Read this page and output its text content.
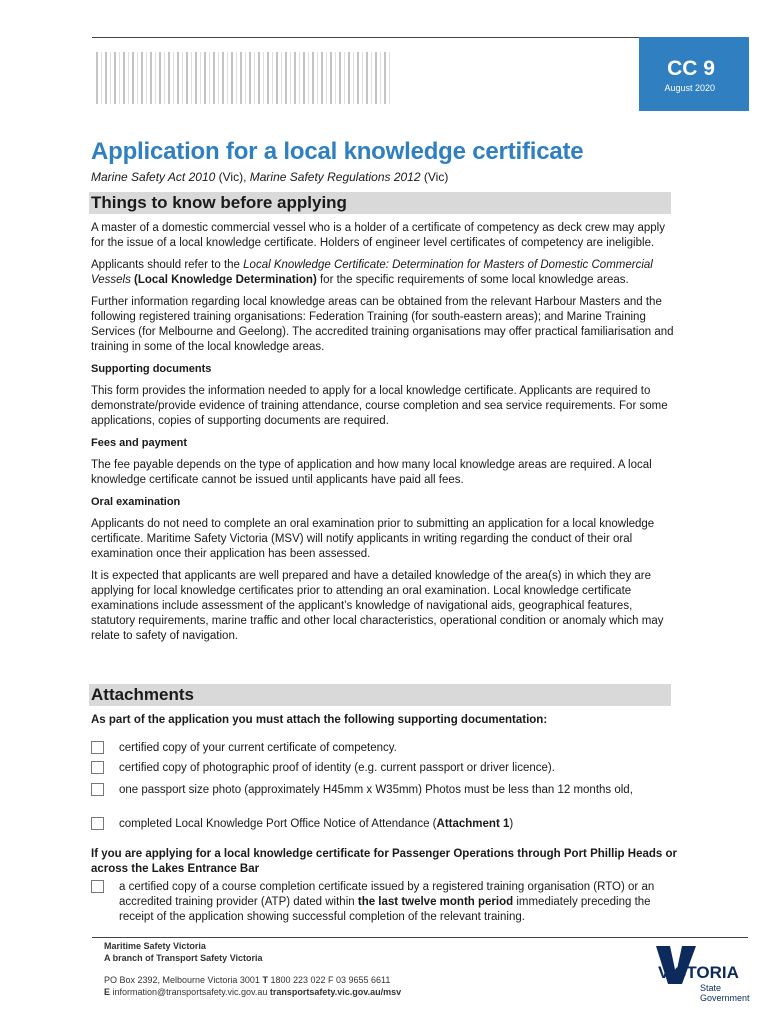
CC 9
August 2020
Application for a local knowledge certificate
Marine Safety Act 2010 (Vic), Marine Safety Regulations 2012 (Vic)
Things to know before applying

A master of a domestic commercial vessel who is a holder of a certificate of competency as deck crew may apply for the issue of a local knowledge certificate. Holders of engineer level certificates of competency are ineligible.

Applicants should refer to the Local Knowledge Certificate: Determination for Masters of Domestic Commercial Vessels (Local Knowledge Determination) for the specific requirements of some local knowledge areas.

Further information regarding local knowledge areas can be obtained from the relevant Harbour Masters and the following registered training organisations: Federation Training (for south-eastern areas); and Marine Training Services (for Melbourne and Geelong). The accredited training organisations may offer practical familiarisation and training in some of the local knowledge areas.

Supporting documents

This form provides the information needed to apply for a local knowledge certificate. Applicants are required to demonstrate/provide evidence of training attendance, course completion and sea service requirements. For some applications, copies of supporting documents are required.

Fees and payment

The fee payable depends on the type of application and how many local knowledge areas are required. A local knowledge certificate cannot be issued until applicants have paid all fees.

Oral examination

Applicants do not need to complete an oral examination prior to submitting an application for a local knowledge certificate. Maritime Safety Victoria (MSV) will notify applicants in writing regarding the conduct of their oral examination once their application has been assessed.

It is expected that applicants are well prepared and have a detailed knowledge of the area(s) in which they are applying for local knowledge certificates prior to attending an oral examination. Local knowledge certificate examinations include assessment of the applicant’s knowledge of navigational aids, geographical features, statutory requirements, marine traffic and other local characteristics, operational condition or anomaly which may relate to safety of navigation.

Attachments
As part of the application you must attach the following supporting documentation:
certified copy of your current certificate of competency.
certified copy of photographic proof of identity (e.g. current passport or driver licence).
one passport size photo (approximately H45mm x W35mm) Photos must be less than 12 months old,
completed Local Knowledge Port Office Notice of Attendance (Attachment 1)
If you are applying for a local knowledge certificate for Passenger Operations through Port Phillip Heads or across the Lakes Entrance Bar
a certified copy of a course completion certificate issued by a registered training organisation (RTO) or an accredited training provider (ATP) dated within the last twelve month period immediately preceding the receipt of the application showing successful completion of the relevant training.
Maritime Safety Victoria
A branch of Transport Safety Victoria
PO Box 2392, Melbourne Victoria 3001 T 1800 223 022 F 03 9655 6611
E information@transportsafety.vic.gov.au transportsafety.vic.gov.au/msv
VICTORIA
State
Government
